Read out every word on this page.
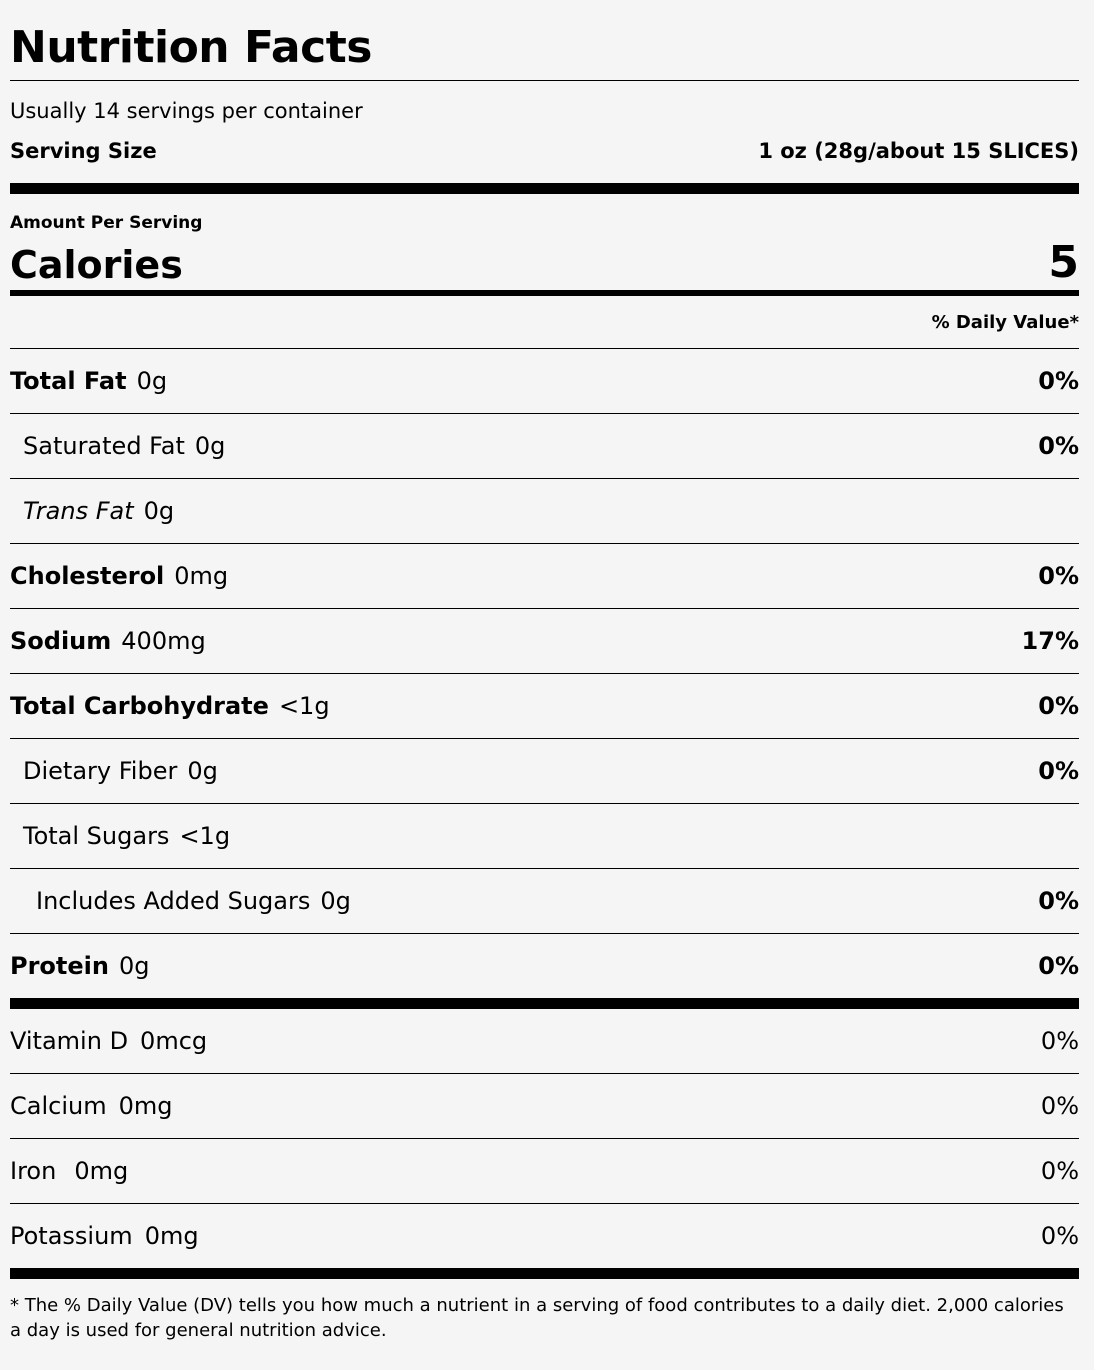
Nutrition Facts
Usually 14 servings per container
Serving Size	1 oz (28g/about 15 SLICES)
Amount Per Serving
Calories	5
% Daily Value*
Total Fat 0g	0%
Saturated Fat 0g	0%
Trans Fat 0g
Cholesterol 0mg	0%
Sodium 400mg	17%
Total Carbohydrate <1g	0%
Dietary Fiber 0g	0%
Total Sugars <1g
Includes Added Sugars 0g	0%
Protein 0g	0%
Vitamin D 0mcg	0%
Calcium 0mg	0%
Iron 0mg	0%
Potassium 0mg	0%
* The % Daily Value (DV) tells you how much a nutrient in a serving of food contributes to a daily diet. 2,000 calories a day is used for general nutrition advice.
